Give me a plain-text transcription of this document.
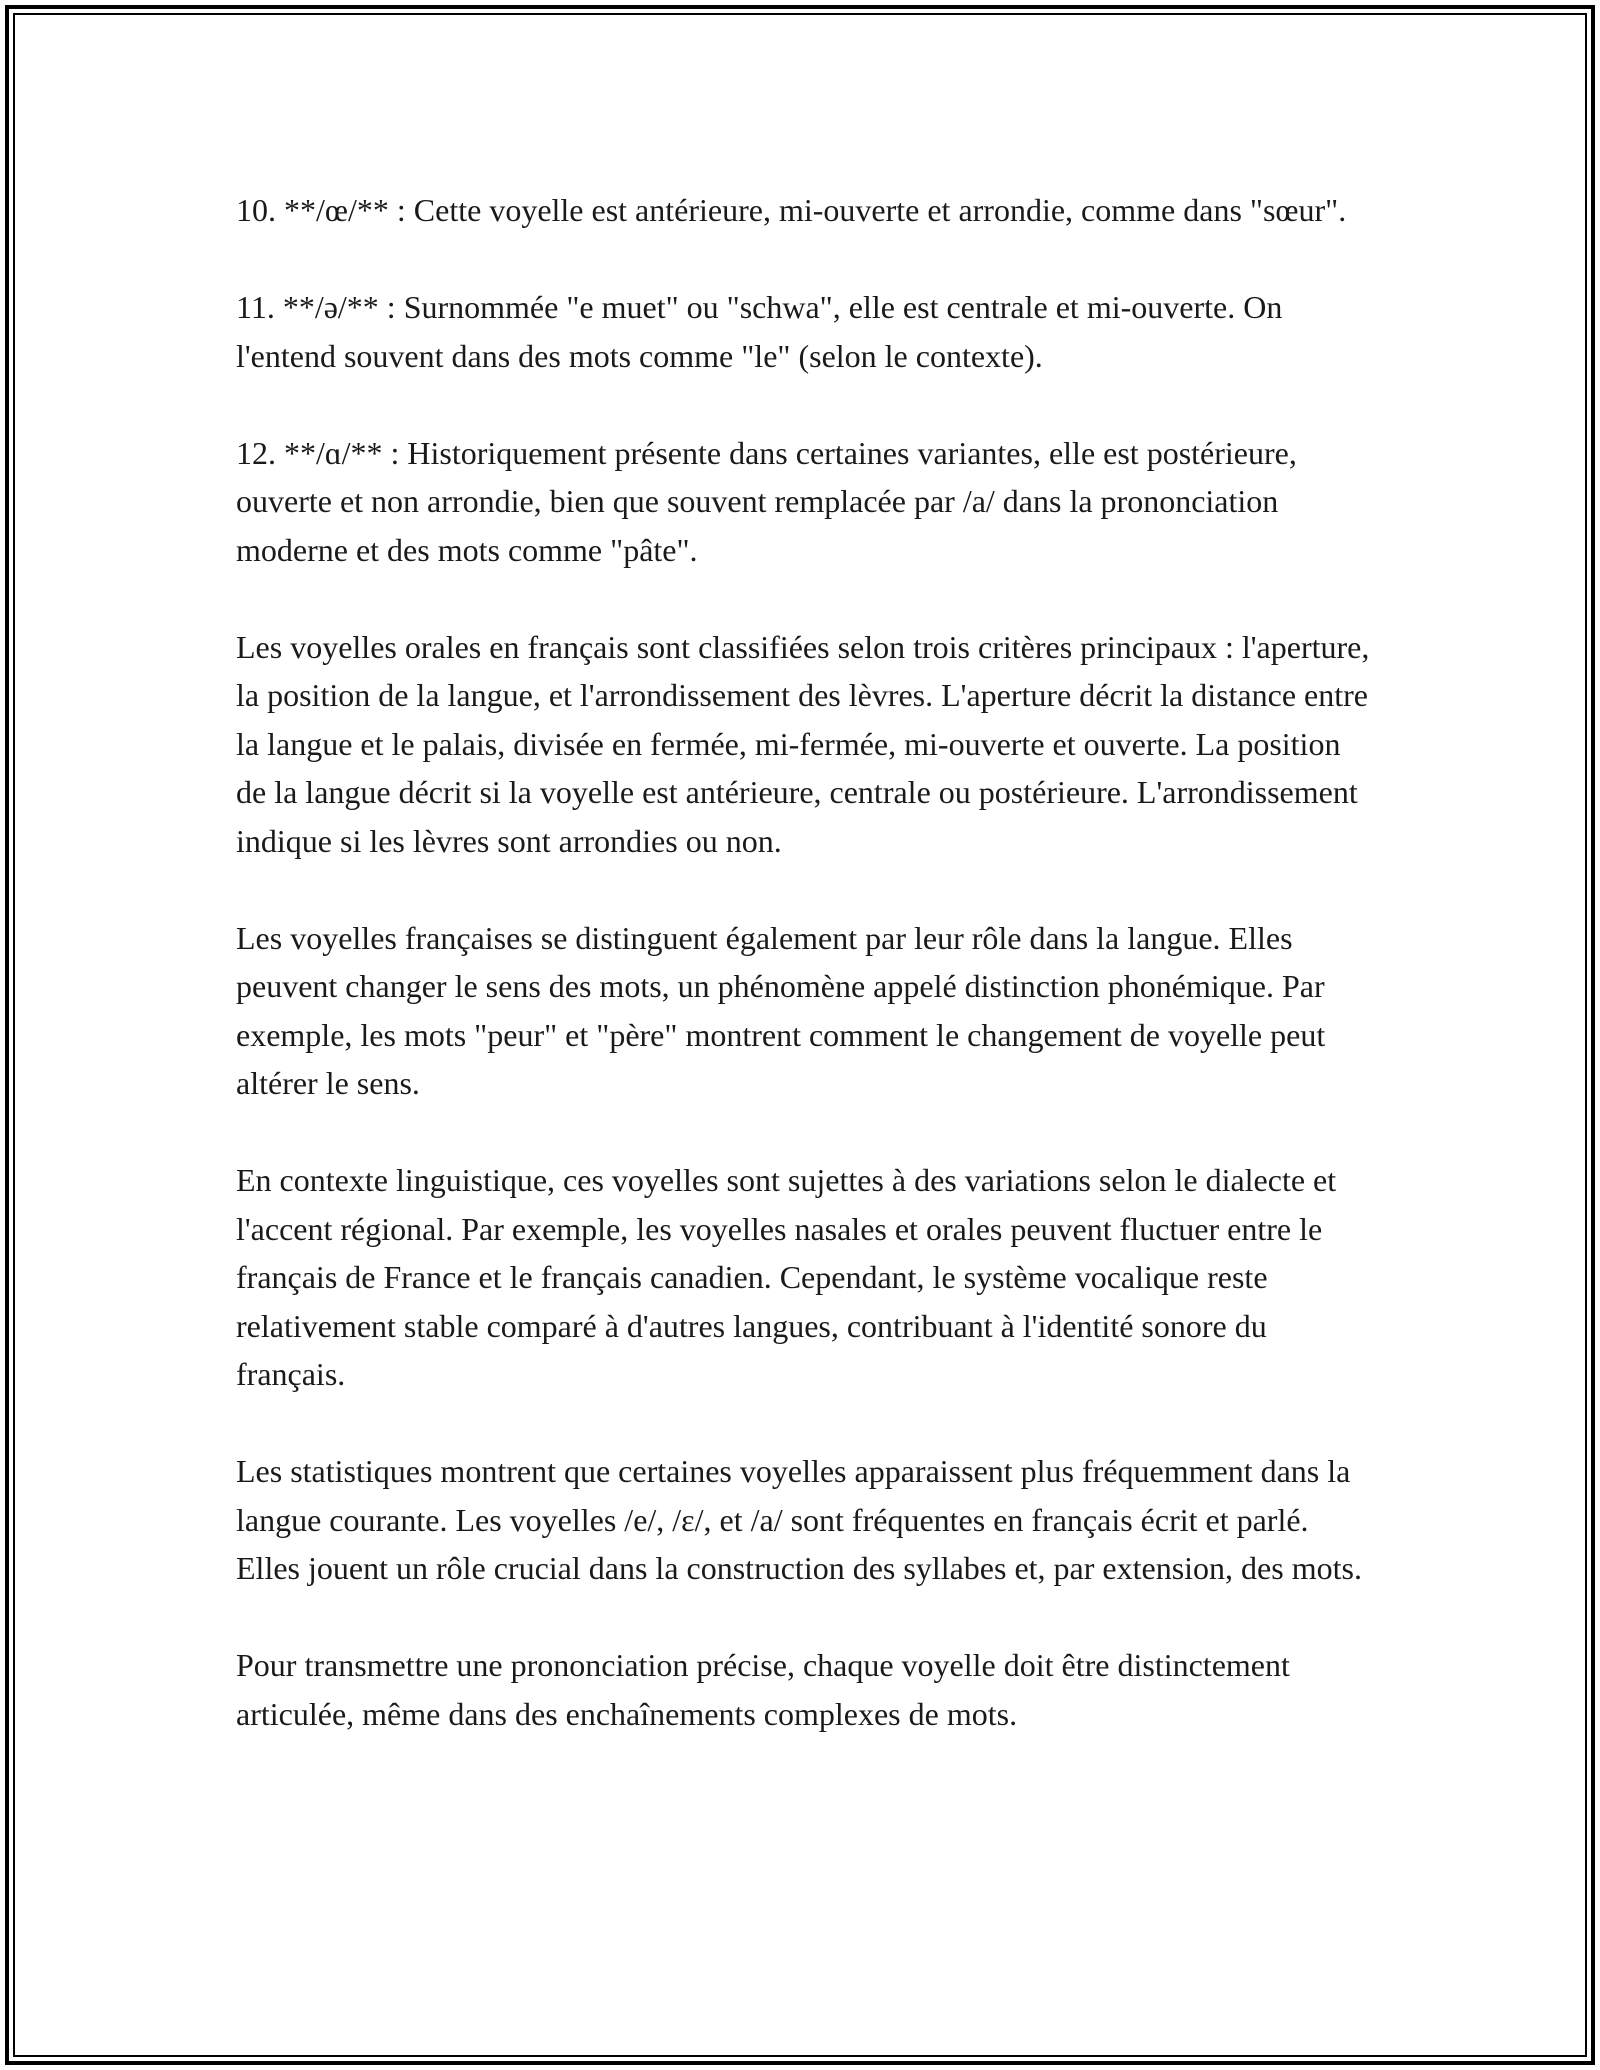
10. **/œ/** : Cette voyelle est antérieure, mi-ouverte et arrondie, comme dans "sœur".

11. **/ə/** : Surnommée "e muet" ou "schwa", elle est centrale et mi-ouverte. On l'entend souvent dans des mots comme "le" (selon le contexte).

12. **/ɑ/** : Historiquement présente dans certaines variantes, elle est postérieure, ouverte et non arrondie, bien que souvent remplacée par /a/ dans la prononciation moderne et des mots comme "pâte".

Les voyelles orales en français sont classifiées selon trois critères principaux : l'aperture, la position de la langue, et l'arrondissement des lèvres. L'aperture décrit la distance entre la langue et le palais, divisée en fermée, mi-fermée, mi-ouverte et ouverte. La position de la langue décrit si la voyelle est antérieure, centrale ou postérieure. L'arrondissement indique si les lèvres sont arrondies ou non.

Les voyelles françaises se distinguent également par leur rôle dans la langue. Elles peuvent changer le sens des mots, un phénomène appelé distinction phonémique. Par exemple, les mots "peur" et "père" montrent comment le changement de voyelle peut altérer le sens.

En contexte linguistique, ces voyelles sont sujettes à des variations selon le dialecte et l'accent régional. Par exemple, les voyelles nasales et orales peuvent fluctuer entre le français de France et le français canadien. Cependant, le système vocalique reste relativement stable comparé à d'autres langues, contribuant à l'identité sonore du français.

Les statistiques montrent que certaines voyelles apparaissent plus fréquemment dans la langue courante. Les voyelles /e/, /ɛ/, et /a/ sont fréquentes en français écrit et parlé. Elles jouent un rôle crucial dans la construction des syllabes et, par extension, des mots.

Pour transmettre une prononciation précise, chaque voyelle doit être distinctement articulée, même dans des enchaînements complexes de mots.
